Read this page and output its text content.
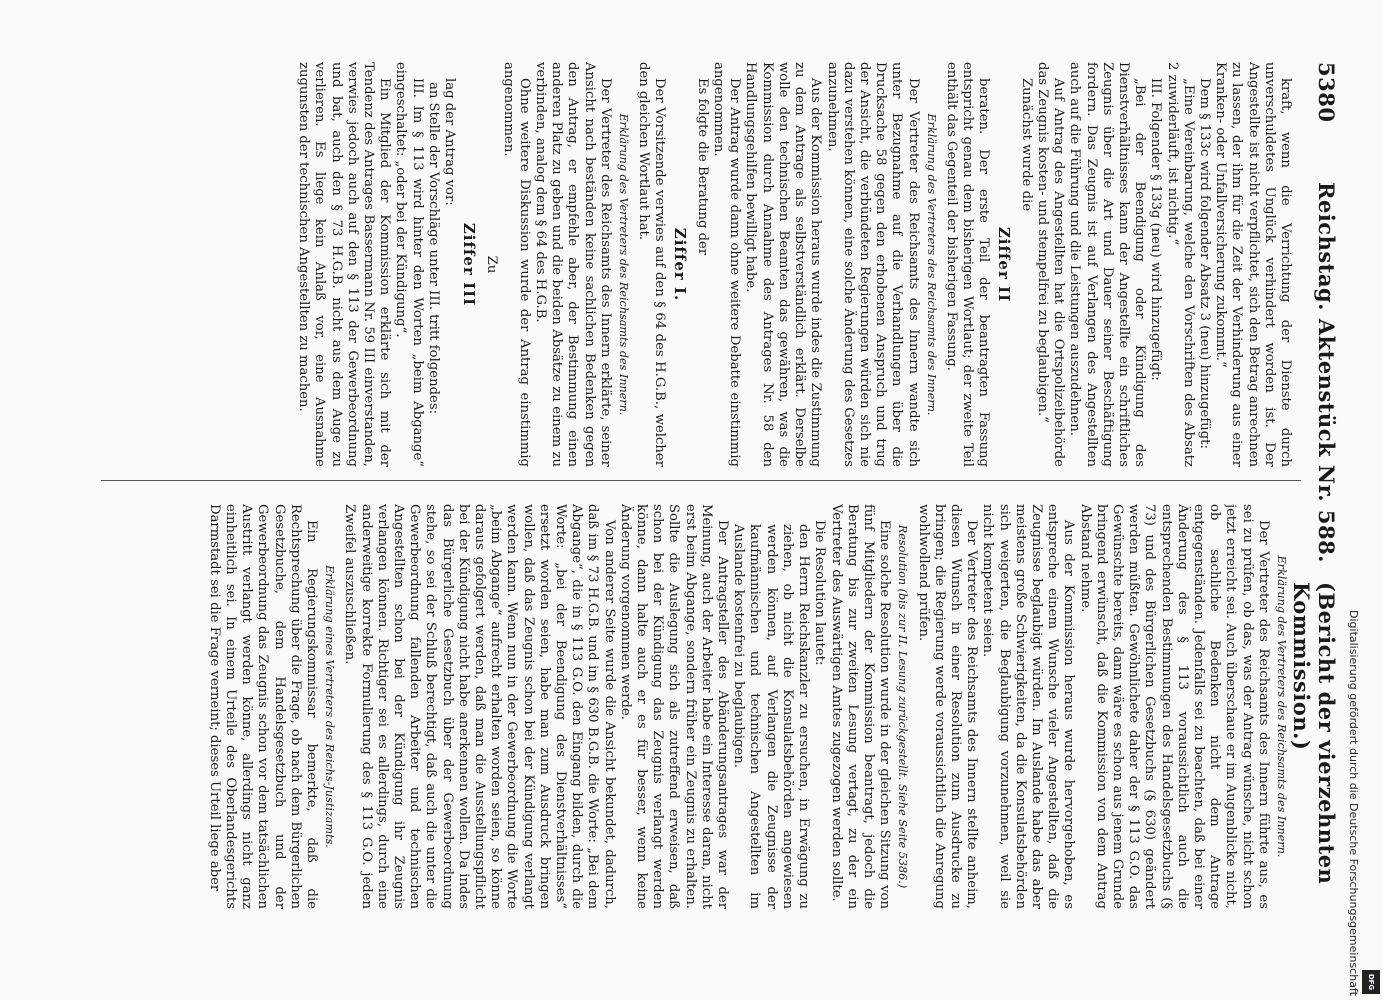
5380
Reichstag. Aktenstück Nr. 588.
(Bericht der vierzehnten Kommission.)

kraft, wenn die Verrichtung der Dienste durch unverschuldetes Unglück verhindert worden ist. Der Angestellte ist nicht verpflichtet, sich den Betrag anrechnen zu lassen, der ihm für die Zeit der Verhinderung aus einer Kranken- oder Unfallversicherung zukommt.“

Dem § 133c wird folgender Absatz 3 (neu) hinzugefügt:

„Eine Vereinbarung, welche den Vorschriften des Absatz 2 zuwiderläuft, ist nichtig.“

III. Folgender § 133g (neu) wird hinzugefügt:

„Bei der Beendigung oder Kündigung des Dienstverhältnisses kann der Angestellte ein schriftliches Zeugnis über die Art und Dauer seiner Beschäftigung fordern. Das Zeugnis ist auf Verlangen des Angestellten auch auf die Führung und die Leistungen auszudehnen.

Auf Antrag des Angestellten hat die Ortspolizeibehörde das Zeugnis kosten- und stempelfrei zu beglaubigen.“

Zunächst wurde die

Ziffer II

beraten. Der erste Teil der beantragten Fassung entspricht genau dem bisherigen Wortlaut; der zweite Teil enthält das Gegenteil der bisherigen Fassung.

Erklärung des Vertreters des Reichsamts des Innern.

Der Vertreter des Reichsamts des Innern wandte sich unter Bezugnahme auf die Verhandlungen über die Drucksache 58 gegen den erhobenen Anspruch und trug der Ansicht, die verbündeten Regierungen würden sich nie dazu verstehen können, eine solche Änderung des Gesetzes anzunehmen.

Aus der Kommission heraus wurde indes die Zustimmung zu dem Antrage als selbstverständlich erklärt. Derselbe wolle den technischen Beamten das gewähren, was die Kommission durch Annahme des Antrages Nr. 58 den Handlungsgehilfen bewilligt habe.

Der Antrag wurde dann ohne weitere Debatte einstimmig angenommen.

Es folgte die Beratung der

Ziffer I.

Der Vorsitzende verwies auf den § 64 des H.G.B., welcher den gleichen Wortlaut hat.

Erklärung des Vertreters des Reichsamts des Innern.

Der Vertreter des Reichsamts des Innern erklärte, seiner Ansicht nach beständen keine sachlichen Bedenken gegen den Antrag, er empfehle aber, der Bestimmung einen anderen Platz zu geben und die beiden Absätze zu einem zu verbinden, analog dem § 64 des H.G.B.

Ohne weitere Diskussion wurde der Antrag einstimmig angenommen.

Zu

Ziffer III

lag der Antrag vor:

an Stelle der Vorschläge unter III. tritt folgendes:

III. Im § 113 wird hinter den Worten „beim Abgange“ eingeschaltet: „oder bei der Kündigung“.

Ein Mitglied der Kommission erklärte sich mit der Tendenz des Antrages Bassermann Nr. 59 III einverstanden, verwies jedoch auch auf den § 113 der Gewerbeordnung und bat, auch den § 73 H.G.B. nicht aus dem Auge zu verlieren. Es liege kein Anlaß vor, eine Ausnahme zugunsten der technischen Angestellten zu machen.

Erklärung des Vertreters des Reichsamts des Innern.

Der Vertreter des Reichsamts des Innern führte aus, es sei zu prüfen, ob das, was der Antrag wünsche, nicht schon jetzt erreicht sei. Auch überschaue er im Augenblicke nicht, ob sachliche Bedenken nicht dem Antrage entgegenständen. Jedenfalls sei zu beachten, daß bei einer Änderung des § 113 voraussichtlich auch die entsprechenden Bestimmungen des Handelsgesetzbuchs (§ 73) und des Bürgerlichen Gesetzbuchs (§ 630) geändert werden müßten. Gewöhnlichete daher der § 113 G.O. das Gewünschte bereits, dann wäre es schon aus jenem Grunde bringend erwünscht, daß die Kommission von dem Antrag Abstand nehme.

Aus der Kommission heraus wurde hervorgehoben, es entspreche einem Wunsche vieler Angestellten, daß die Zeugnisse beglaubigt würden. Im Auslande habe das aber meistens große Schwierigkeiten, da die Konsulatsbehörden sich weigerten, die Beglaubigung vorzunehmen, weil sie nicht kompetent seien.

Der Vertreter des Reichsamts des Innern stellte anheim, diesen Wunsch in einer Resolution zum Ausdrucke zu bringen; die Regierung werde voraussichtlich die Anregung wohlwollend prüfen.

Resolution (bis zur II. Lesung zurückgestellt. Siehe Seite 5386.)

Eine solche Resolution wurde in der gleichen Sitzung von fünf Mitgliedern der Kommission beantragt, jedoch die Beratung bis zur zweiten Lesung vertagt, zu der ein Vertreter des Auswärtigen Amtes zugezogen werden sollte.

Die Resolution lautet:

den Herrn Reichskanzler zu ersuchen, in Erwägung zu ziehen, ob nicht die Konsulatsbehörden angewiesen werden können, auf Verlangen die Zeugnisse der kaufmännischen und technischen Angestellten im Auslande kostenfrei zu beglaubigen.

Der Antragsteller des Abänderungsantrages war der Meinung, auch der Arbeiter habe ein Interesse daran, nicht erst beim Abgange, sondern früher ein Zeugnis zu erhalten. Sollte die Auslegung sich als zutreffend erweisen, daß schon bei der Kündigung das Zeugnis verlangt werden könne, dann halte auch er es für besser, wenn keine Änderung vorgenommen werde.

Von anderer Seite wurde die Ansicht bekundet, dadurch, daß im § 73 H.G.B. und im § 630 B.G.B. die Worte: „Bei dem Abgange“, die in § 113 G.O. den Eingang bilden, durch die Worte: „bei der Beendigung des Dienstverhältnisses“ ersetzt worden seien, habe man zum Ausdruck bringen wollen, daß das Zeugnis schon bei der Kündigung verlangt werden kann. Wenn nun in der Gewerbeordnung die Worte „beim Abgange“ aufrecht erhalten worden seien, so könne daraus gefolgert werden, daß man die Ausstellungspflicht bei der Kündigung nicht habe anerkennen wollen. Da indes das Bürgerliche Gesetzbuch über der Gewerbeordnung stehe, so sei der Schluß berechtigt, daß auch die unter die Gewerbeordnung fallenden Arbeiter und technischen Angestellten schon bei der Kündigung ihr Zeugnis verlangen können. Richtiger sei es allerdings, durch eine anderweitige korrekte Formulierung des § 113 G.O. jeden Zweifel auszuschließen.

Erklärung eines Vertreters des Reichs-Justizamts.

Ein Regierungskommissar bemerkte, daß die Rechtsprechung über die Frage, ob nach dem Bürgerlichen Gesetzbuche, dem Handelsgesetzbuch und der Gewerbeordnung das Zeugnis schon vor dem tatsächlichen Austritt verlangt werden könne, allerdings nicht ganz einheitlich sei. In einem Urteile des Oberlandesgerichts Darmstadt sei die Frage verneint; dieses Urteil liege aber	Digitalisierung gefördert durch die Deutsche Forschungsgemeinschaft DFG
